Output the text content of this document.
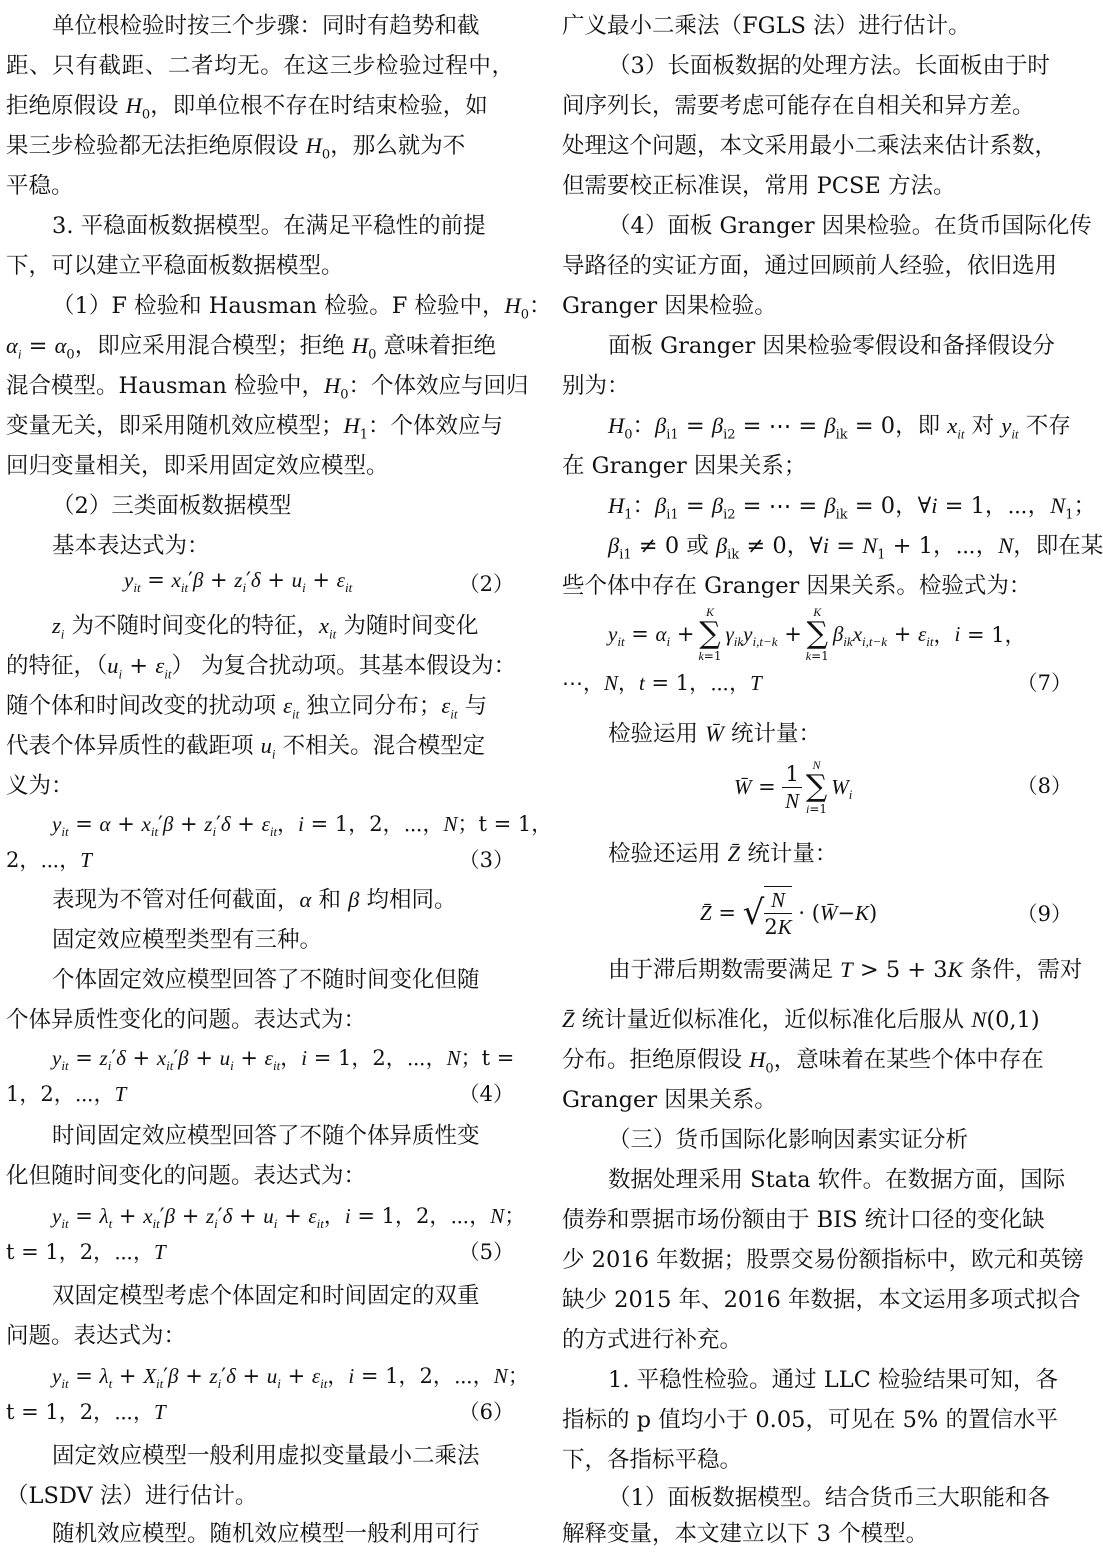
单位根检验时按三个步骤：同时有趋势和截
距、只有截距、二者均无。在这三步检验过程中，
拒绝原假设 $H_0$，即单位根不存在时结束检验，如
果三步检验都无法拒绝原假设 $H_0$，那么就为不
平稳。
3. 平稳面板数据模型。在满足平稳性的前提
下，可以建立平稳面板数据模型。
（1）F 检验和 Hausman 检验。F 检验中，$H_0$：
$\alpha_i = \alpha_0$，即应采用混合模型；拒绝 $H_0$ 意味着拒绝
混合模型。Hausman 检验中，$H_0$：个体效应与回归
变量无关，即采用随机效应模型；$H_1$：个体效应与
回归变量相关，即采用固定效应模型。
（2）三类面板数据模型
基本表达式为：
$y_{it} = x_{it}'\beta + z_i'\delta + u_i + \varepsilon_{it}$	（2）
$z_i$ 为不随时间变化的特征，$x_{it}$ 为随时间变化
的特征，$(u_i + \varepsilon_{it})$ 为复合扰动项。其基本假设为：
随个体和时间改变的扰动项 $\varepsilon_{it}$ 独立同分布；$\varepsilon_{it}$ 与
代表个体异质性的截距项 $u_i$ 不相关。混合模型定
义为：
$y_{it} = \alpha + x_{it}'\beta + z_i'\delta + \varepsilon_{it}$，i = 1，2，⋯，N；t = 1，
2，⋯，T	（3）
表现为不管对任何截面，α 和 β 均相同。
固定效应模型类型有三种。
个体固定效应模型回答了不随时间变化但随
个体异质性变化的问题。表达式为：
$y_{it} = z_i'\delta + x_{it}'\beta + u_i + \varepsilon_{it}$，i = 1，2，⋯，N；t =
1，2，⋯，T	（4）
时间固定效应模型回答了不随个体异质性变
化但随时间变化的问题。表达式为：
$y_{it} = \lambda_t + x_{it}'\beta + z_i'\delta + u_i + \varepsilon_{it}$，i = 1，2，⋯，N；
t = 1，2，⋯，T	（5）
双固定模型考虑个体固定和时间固定的双重
问题。表达式为：
$y_{it} = \lambda_t + X_{it}'\beta + z_i'\delta + u_i + \varepsilon_{it}$，i = 1，2，⋯，N；
t = 1，2，⋯，T	（6）
固定效应模型一般利用虚拟变量最小二乘法
（LSDV 法）进行估计。
随机效应模型。随机效应模型一般利用可行
广义最小二乘法（FGLS 法）进行估计。
（3）长面板数据的处理方法。长面板由于时
间序列长，需要考虑可能存在自相关和异方差。
处理这个问题，本文采用最小二乘法来估计系数，
但需要校正标准误，常用 PCSE 方法。
（4）面板 Granger 因果检验。在货币国际化传
导路径的实证方面，通过回顾前人经验，依旧选用
Granger 因果检验。
面板 Granger 因果检验零假设和备择假设分
别为：
$H_0$：$\beta_{i1} = \beta_{i2}$ = ⋯ = $\beta_{ik} = 0$，即 $x_{it}$ 对 $y_{it}$ 不存
在 Granger 因果关系；
$H_1$：$\beta_{i1} = \beta_{i2}$ = ⋯ = $\beta_{ik} = 0$，∀i = 1，⋯，$N_1$；
$\beta_{i1} \ne 0$ 或 $\beta_{ik} \ne 0$，∀i = $N_1 + 1$，⋯，N，即在某
些个体中存在 Granger 因果关系。检验式为：
$y_{it} = \alpha_i$ +
K
∑
k=1
$\gamma_{ik}y_{i,t-k}$ +
K
∑
k=1
$\beta_{ik}x_{i,t-k} + \varepsilon_{it}$ ， i = 1，
⋯，N，t = 1，⋯，T	（7）
检验运用 W̄ 统计量：
W̄ = $\frac{1}{N}$ N
∑
i=1
$W_i$	（8）
检验还运用 Z̄ 统计量：
Z̄ = √ $\frac{N}{2K}$ · ( W̄ − K )	（9）
由于滞后期数需要满足 T > 5 + 3K 条件，需对
Z̄ 统计量近似标准化，近似标准化后服从 N(0,1)
分布。拒绝原假设 $H_0$，意味着在某些个体中存在
Granger 因果关系。
（三）货币国际化影响因素实证分析
数据处理采用 Stata 软件。在数据方面，国际
债券和票据市场份额由于 BIS 统计口径的变化缺
少 2016 年数据；股票交易份额指标中，欧元和英镑
缺少 2015 年、2016 年数据，本文运用多项式拟合
的方式进行补充。
1. 平稳性检验。通过 LLC 检验结果可知，各
指标的 p 值均小于 0.05，可见在 5% 的置信水平
下，各指标平稳。
（1）面板数据模型。结合货币三大职能和各
解释变量，本文建立以下 3 个模型。
